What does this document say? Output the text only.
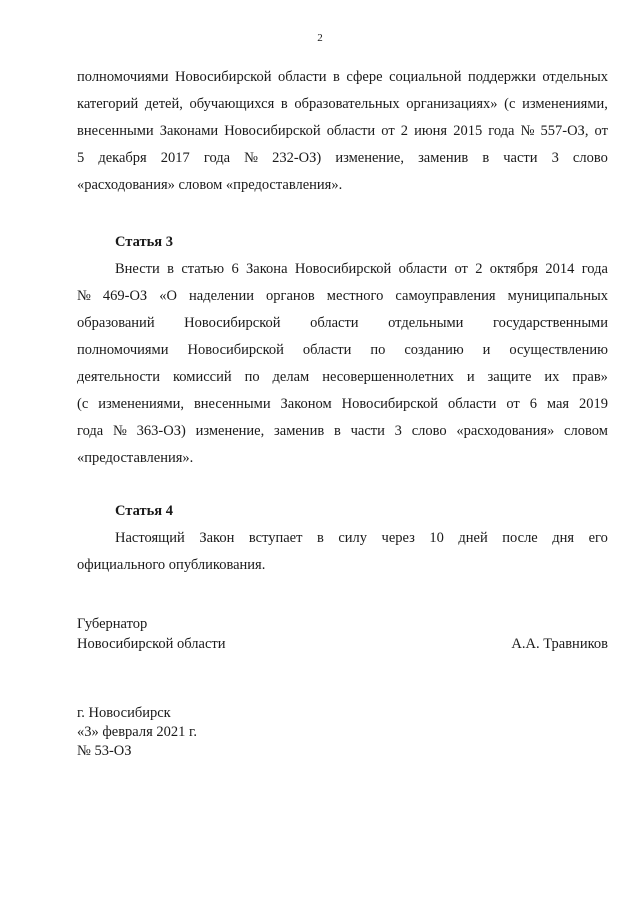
2
полномочиями Новосибирской области в сфере социальной поддержки отдельных
категорий детей, обучающихся в образовательных организациях» (с изменениями,
внесенными Законами Новосибирской области от 2 июня 2015 года № 557-ОЗ, от
5 декабря 2017 года № 232-ОЗ) изменение, заменив в части 3 слово
«расходования» словом «предоставления».
Статья 3
Внести в статью 6 Закона Новосибирской области от 2 октября 2014 года
№ 469-ОЗ «О наделении органов местного самоуправления муниципальных
образований Новосибирской области отдельными государственными
полномочиями Новосибирской области по созданию и осуществлению
деятельности комиссий по делам несовершеннолетних и защите их прав»
(с изменениями, внесенными Законом Новосибирской области от 6 мая 2019
года № 363-ОЗ) изменение, заменив в части 3 слово «расходования» словом
«предоставления».
Статья 4
Настоящий Закон вступает в силу через 10 дней после дня его
официального опубликования.
Губернатор
Новосибирской области	А.А. Травников
г. Новосибирск
«3» февраля 2021 г.
№ 53-ОЗ
